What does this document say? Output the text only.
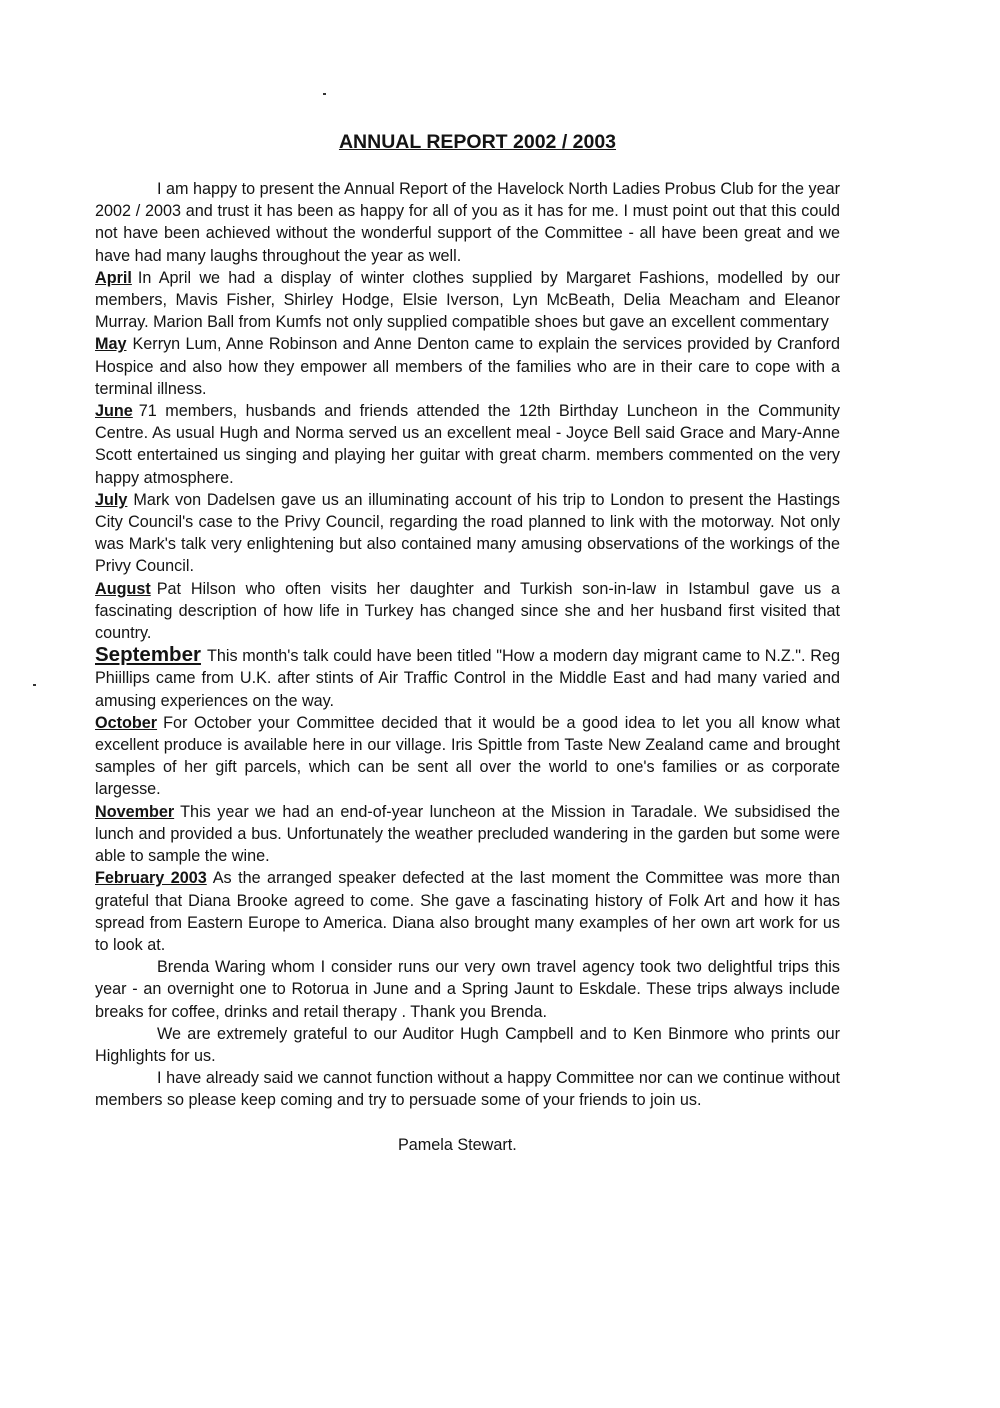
ANNUAL REPORT 2002 / 2003

I am happy to present the Annual Report of the Havelock North Ladies Probus Club for the year 2002 / 2003 and trust it has been as happy for all of you as it has for me. I must point out that this could not have been achieved without the wonderful support of the Committee - all have been great and we have had many laughs throughout the year as well.

April In April we had a display of winter clothes supplied by Margaret Fashions, modelled by our members, Mavis Fisher, Shirley Hodge, Elsie Iverson, Lyn McBeath, Delia Meacham and Eleanor Murray. Marion Ball from Kumfs not only supplied compatible shoes but gave an excellent commentary

May Kerryn Lum, Anne Robinson and Anne Denton came to explain the services provided by Cranford Hospice and also how they empower all members of the families who are in their care to cope with a terminal illness.

June 71 members, husbands and friends attended the 12th Birthday Luncheon in the Community Centre. As usual Hugh and Norma served us an excellent meal - Joyce Bell said Grace and Mary-Anne Scott entertained us singing and playing her guitar with great charm. members commented on the very happy atmosphere.

July Mark von Dadelsen gave us an illuminating account of his trip to London to present the Hastings City Council's case to the Privy Council, regarding the road planned to link with the motorway. Not only was Mark's talk very enlightening but also contained many amusing observations of the workings of the Privy Council.

August Pat Hilson who often visits her daughter and Turkish son-in-law in Istambul gave us a fascinating description of how life in Turkey has changed since she and her husband first visited that country.

September This month's talk could have been titled "How a modern day migrant came to N.Z.". Reg Phiillips came from U.K. after stints of Air Traffic Control in the Middle East and had many varied and amusing experiences on the way.

October For October your Committee decided that it would be a good idea to let you all know what excellent produce is available here in our village. Iris Spittle from Taste New Zealand came and brought samples of her gift parcels, which can be sent all over the world to one's families or as corporate largesse.

November This year we had an end-of-year luncheon at the Mission in Taradale. We subsidised the lunch and provided a bus. Unfortunately the weather precluded wandering in the garden but some were able to sample the wine.

February 2003 As the arranged speaker defected at the last moment the Committee was more than grateful that Diana Brooke agreed to come. She gave a fascinating history of Folk Art and how it has spread from Eastern Europe to America. Diana also brought many examples of her own art work for us to look at.

Brenda Waring whom I consider runs our very own travel agency took two delightful trips this year - an overnight one to Rotorua in June and a Spring Jaunt to Eskdale. These trips always include breaks for coffee, drinks and retail therapy . Thank you Brenda.

We are extremely grateful to our Auditor Hugh Campbell and to Ken Binmore who prints our Highlights for us.

I have already said we cannot function without a happy Committee nor can we continue without members so please keep coming and try to persuade some of your friends to join us.

Pamela Stewart.
